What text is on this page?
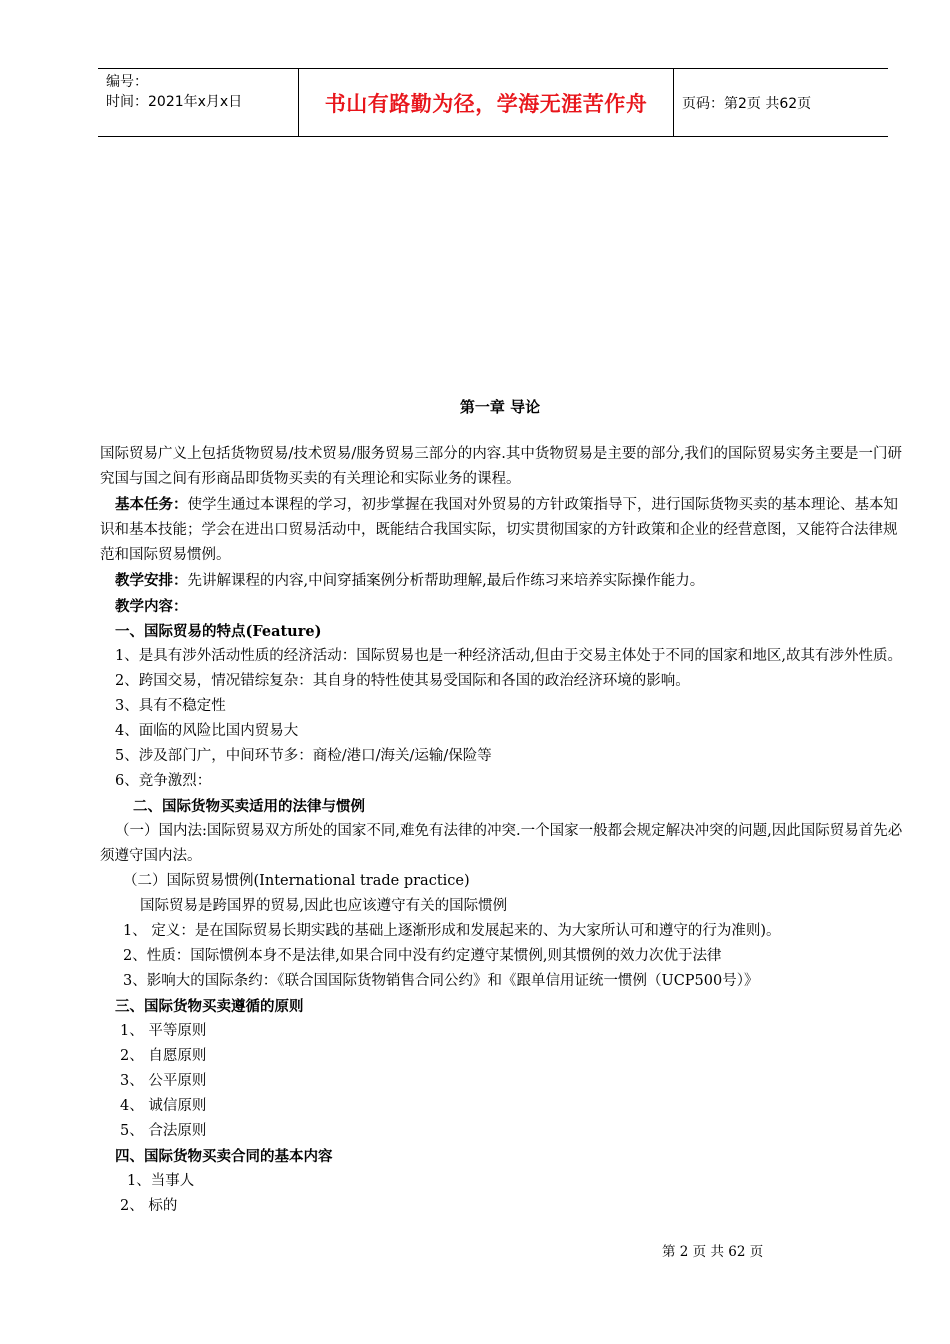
编号：
时间：2021年x月x日	书山有路勤为径，学海无涯苦作舟	页码：第2页 共62页

第一章 导论

国际贸易广义上包括货物贸易/技术贸易/服务贸易三部分的内容.其中货物贸易是主要的部分,我们的国际贸易实务主要是一门研究国与国之间有形商品即货物买卖的有关理论和实际业务的课程。

基本任务：使学生通过本课程的学习，初步掌握在我国对外贸易的方针政策指导下，进行国际货物买卖的基本理论、基本知识和基本技能；学会在进出口贸易活动中，既能结合我国实际，切实贯彻国家的方针政策和企业的经营意图，又能符合法律规范和国际贸易惯例。

教学安排：先讲解课程的内容,中间穿插案例分析帮助理解,最后作练习来培养实际操作能力。

教学内容：

一、国际贸易的特点(Feature)

1、是具有涉外活动性质的经济活动：国际贸易也是一种经济活动,但由于交易主体处于不同的国家和地区,故其有涉外性质。

2、跨国交易，情况错综复杂：其自身的特性使其易受国际和各国的政治经济环境的影响。

3、具有不稳定性

4、面临的风险比国内贸易大

5、涉及部门广，中间环节多：商检/港口/海关/运输/保险等

6、竞争激烈：

二、国际货物买卖适用的法律与惯例

（一）国内法:国际贸易双方所处的国家不同,难免有法律的冲突.一个国家一般都会规定解决冲突的问题,因此国际贸易首先必须遵守国内法。

（二）国际贸易惯例(International trade practice)

国际贸易是跨国界的贸易,因此也应该遵守有关的国际惯例

1、 定义：是在国际贸易长期实践的基础上逐渐形成和发展起来的、为大家所认可和遵守的行为准则)。

2、性质：国际惯例本身不是法律,如果合同中没有约定遵守某惯例,则其惯例的效力次优于法律

3、影响大的国际条约：《联合国国际货物销售合同公约》和《跟单信用证统一惯例（UCP500号）》

三、国际货物买卖遵循的原则

1、 平等原则

2、 自愿原则

3、 公平原则

4、 诚信原则

5、 合法原则

四、国际货物买卖合同的基本内容

1、当事人

2、 标的

第 2 页 共 62 页
